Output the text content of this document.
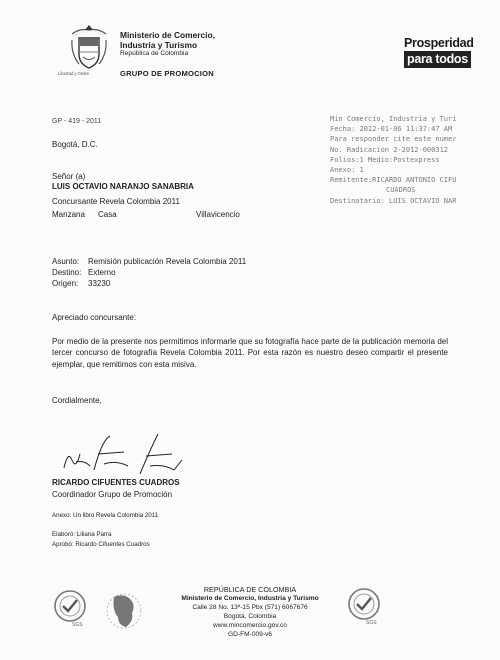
Libertad y Orden
Ministerio de Comercio,
Industria y Turismo
República de Colombia
GRUPO DE PROMOCION
Prosperidad
para todos
Min Comercio, Industria y Turi
Fecha: 2012-01-06 11:37:47 AM
Para responder cite este numer
No. Radicacion 2-2012-000312
Folios:1 Medio:Postexpress
Anexo: 1
Remitente:RICARDO ANTONIO CIFU
CUADROS
Destinatario: LUIS OCTAVIO NAR
GP - 419 - 2011
Bogotá, D.C.
Señor (a)
LUIS OCTAVIO NARANJO SANABRIA
Concursante Revela Colombia 2011
Manzana Casa	Villavicencio
Asunto: Remisión publicación Revela Colombia 2011
Destino: Externo
Origen: 33230
Apreciado concursante:
Por medio de la presente nos permitimos informarle que su fotografía hace parte de la publicación memoria del tercer concurso de fotografía Revela Colombia 2011. Por esta razón es nuestro deseo compartir el presente ejemplar, que remitimos con esta misiva.
Cordialmente,
RICARDO CIFUENTES CUADROS
Coordinador Grupo de Promoción
Anexo: Un libro Revela Colombia 2011
Elaboró: Liliana Parra
Aprobó: Ricardo Cifuentes Cuadros
SGS	SGS
REPÚBLICA DE COLOMBIA
Ministerio de Comercio, Industria y Turismo
Calle 28 No. 13ª-15 Pbx (571) 6067676
Bogotá, Colombia
www.mincomercio.gov.co
GD-FM-009-v6
